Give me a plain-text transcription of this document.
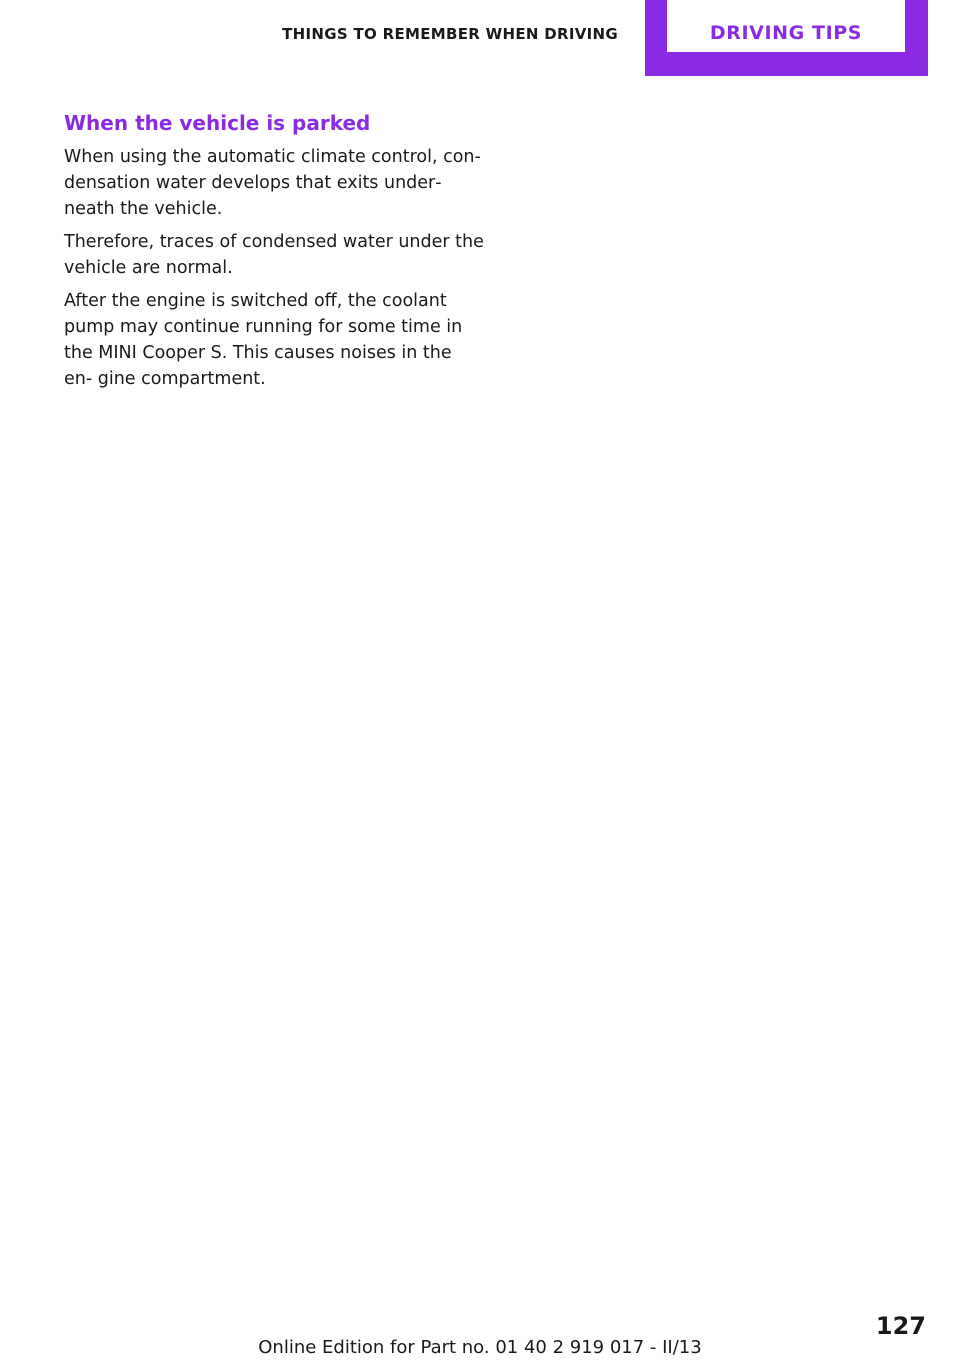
THINGS TO REMEMBER WHEN DRIVING	DRIVING TIPS
When the vehicle is parked

When using the automatic climate control, con‐ densation water develops that exits under‐ neath the vehicle.

Therefore, traces of condensed water under the vehicle are normal.

After the engine is switched off, the coolant pump may continue running for some time in the MINI Cooper S. This causes noises in the en‐ gine compartment.

127
Online Edition for Part no. 01 40 2 919 017 - II/13
